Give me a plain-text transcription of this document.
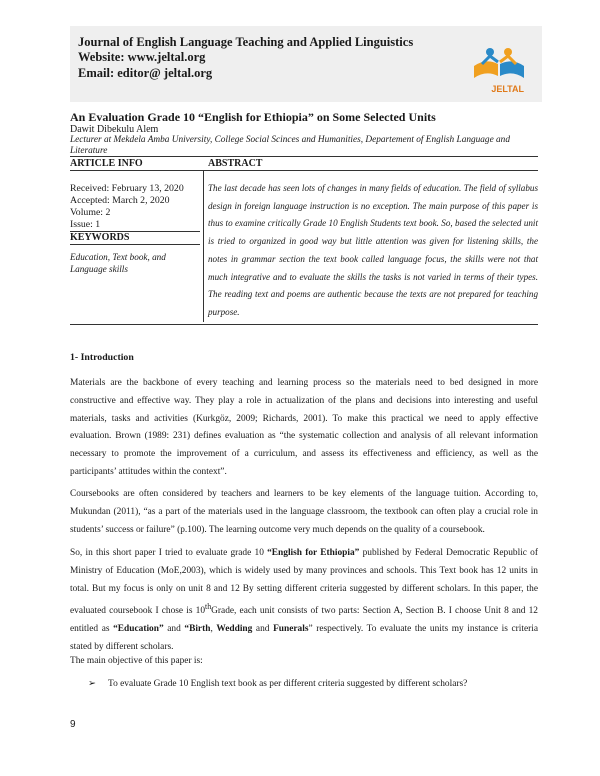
Journal of English Language Teaching and Applied Linguistics
Website: www.jeltal.org
Email: editor@ jeltal.org
JELTAL
An Evaluation Grade 10 “English for Ethiopia” on Some Selected Units
Dawit Dibekulu Alem
Lecturer at Mekdela Amba University, College Social Scinces and Humanities, Departement of English Language and Literature
ARTICLE INFO	ABSTRACT
Received: February 13, 2020
Accepted: March 2, 2020
Volume: 2
Issue: 1
KEYWORDS
Education, Text book, and Language skills
The last decade has seen lots of changes in many fields of education. The field of syllabus design in foreign language instruction is no exception. The main purpose of this paper is thus to examine critically Grade 10 English Students text book. So, based the selected unit is tried to organized in good way but little attention was given for listening skills, the notes in grammar section the text book called language focus, the skills were not that much integrative and to evaluate the skills the tasks is not varied in terms of their types. The reading text and poems are authentic because the texts are not prepared for teaching purpose.
1- Introduction
Materials are the backbone of every teaching and learning process so the materials need to bed designed in more constructive and effective way. They play a role in actualization of the plans and decisions into interesting and useful materials, tasks and activities (Kurkgöz, 2009; Richards, 2001). To make this practical we need to apply effective evaluation. Brown (1989: 231) defines evaluation as “the systematic collection and analysis of all relevant information necessary to promote the improvement of a curriculum, and assess its effectiveness and efficiency, as well as the participants’ attitudes within the context”.
Coursebooks are often considered by teachers and learners to be key elements of the language tuition. According to, Mukundan (2011), “as a part of the materials used in the language classroom, the textbook can often play a crucial role in students’ success or failure” (p.100). The learning outcome very much depends on the quality of a coursebook.
So, in this short paper I tried to evaluate grade 10 “English for Ethiopia” published by Federal Democratic Republic of Ministry of Education (MoE,2003), which is widely used by many provinces and schools. This Text book has 12 units in total. But my focus is only on unit 8 and 12 By setting different criteria suggested by different scholars. In this paper, the evaluated coursebook I chose is 10thGrade, each unit consists of two parts: Section A, Section B. I choose Unit 8 and 12 entitled as “Education” and “Birth, Wedding and Funerals” respectively. To evaluate the units my instance is criteria stated by different scholars.
The main objective of this paper is:
➢ To evaluate Grade 10 English text book as per different criteria suggested by different scholars?
9
